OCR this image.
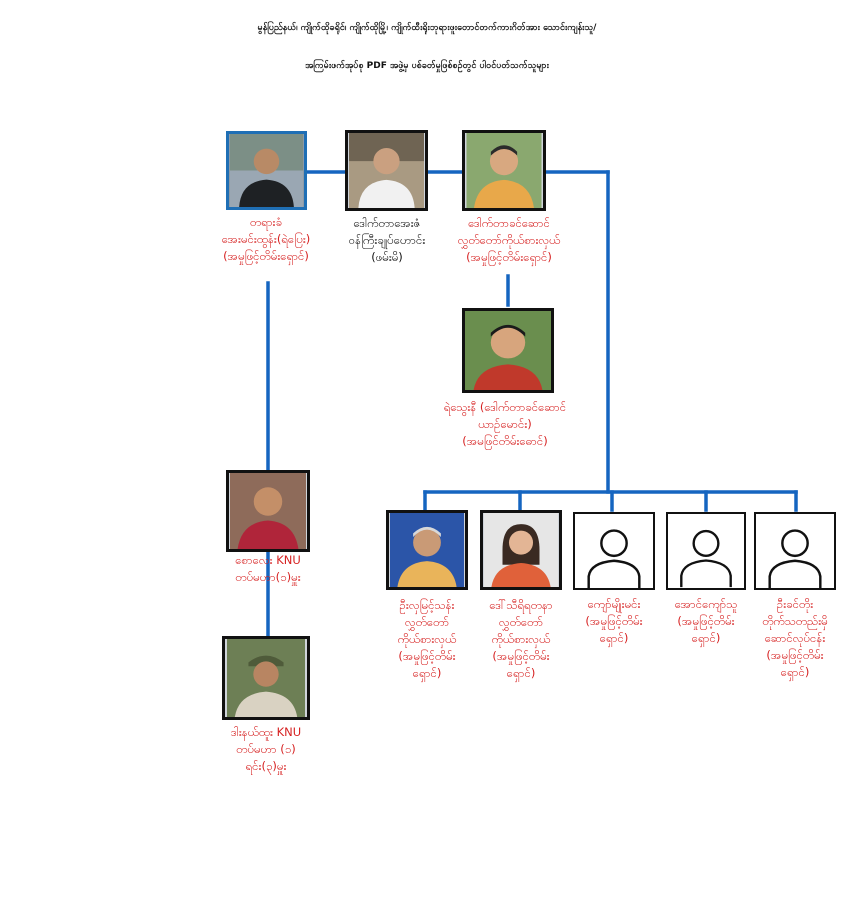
မွန်ပြည်နယ်၊ ကျိုက်ထိုခရိုင်၊ ကျိုက်ထိုမြို့၊ ကျိုက်ထီးရိုးဘုရားဖူးတောင်တက်ကားဂိတ်အား သောင်းကျန်းသူ/
အကြမ်းဖက်အုပ်စု PDF အဖွဲ့မှ ပစ်ခတ်မှုဖြစ်စဉ်တွင် ပါဝင်ပတ်သက်သူများ
တရားခံ
အေးမင်းထွန်း(ရဲပြေး)
(အမှုဖြင့်တိမ်းရှောင်)
ဒေါက်တာအေးဇံ
ဝန်ကြီးချုပ်ဟောင်း
(ဖမ်းမိ)
ဒေါက်တာခင်ဆောင်
လွှတ်တော်ကိုယ်စားလှယ်
(အမှုဖြင့်တိမ်းရှောင်)
ရဲသွေးနီ (ဒေါက်တာခင်ဆောင်
ယာဉ်မောင်း)
(အမဖြင်တိမ်းဓောင်)
စောလေး KNU
တပ်မဟာ(၁)မှူး
ဒါးနယ်ထူး KNU
တပ်မဟာ (၁)
ရင်း(၃)မှူး
ဦးလှမြင့်သန်း
လွှတ်တော်
ကိုယ်စားလှယ်
(အမှုဖြင့်တိမ်း
ရှောင်)
ဒေါ်သီရိရတနာ
လွှတ်တော်
ကိုယ်စားလှယ်
(အမှုဖြင့်တိမ်း
ရှောင်)
ကျော်မျိုးမင်း
(အမှုဖြင့်တိမ်း
ရှောင်)
အောင်ကျော်သူ
(အမှုဖြင့်တိမ်း
ရှောင်)
ဦးခင်တိုး
တိုက်သတည်းမှိ
ဆောင်လုပ်ငန်း
(အမှုဖြင့်တိမ်း
ရှောင်)
